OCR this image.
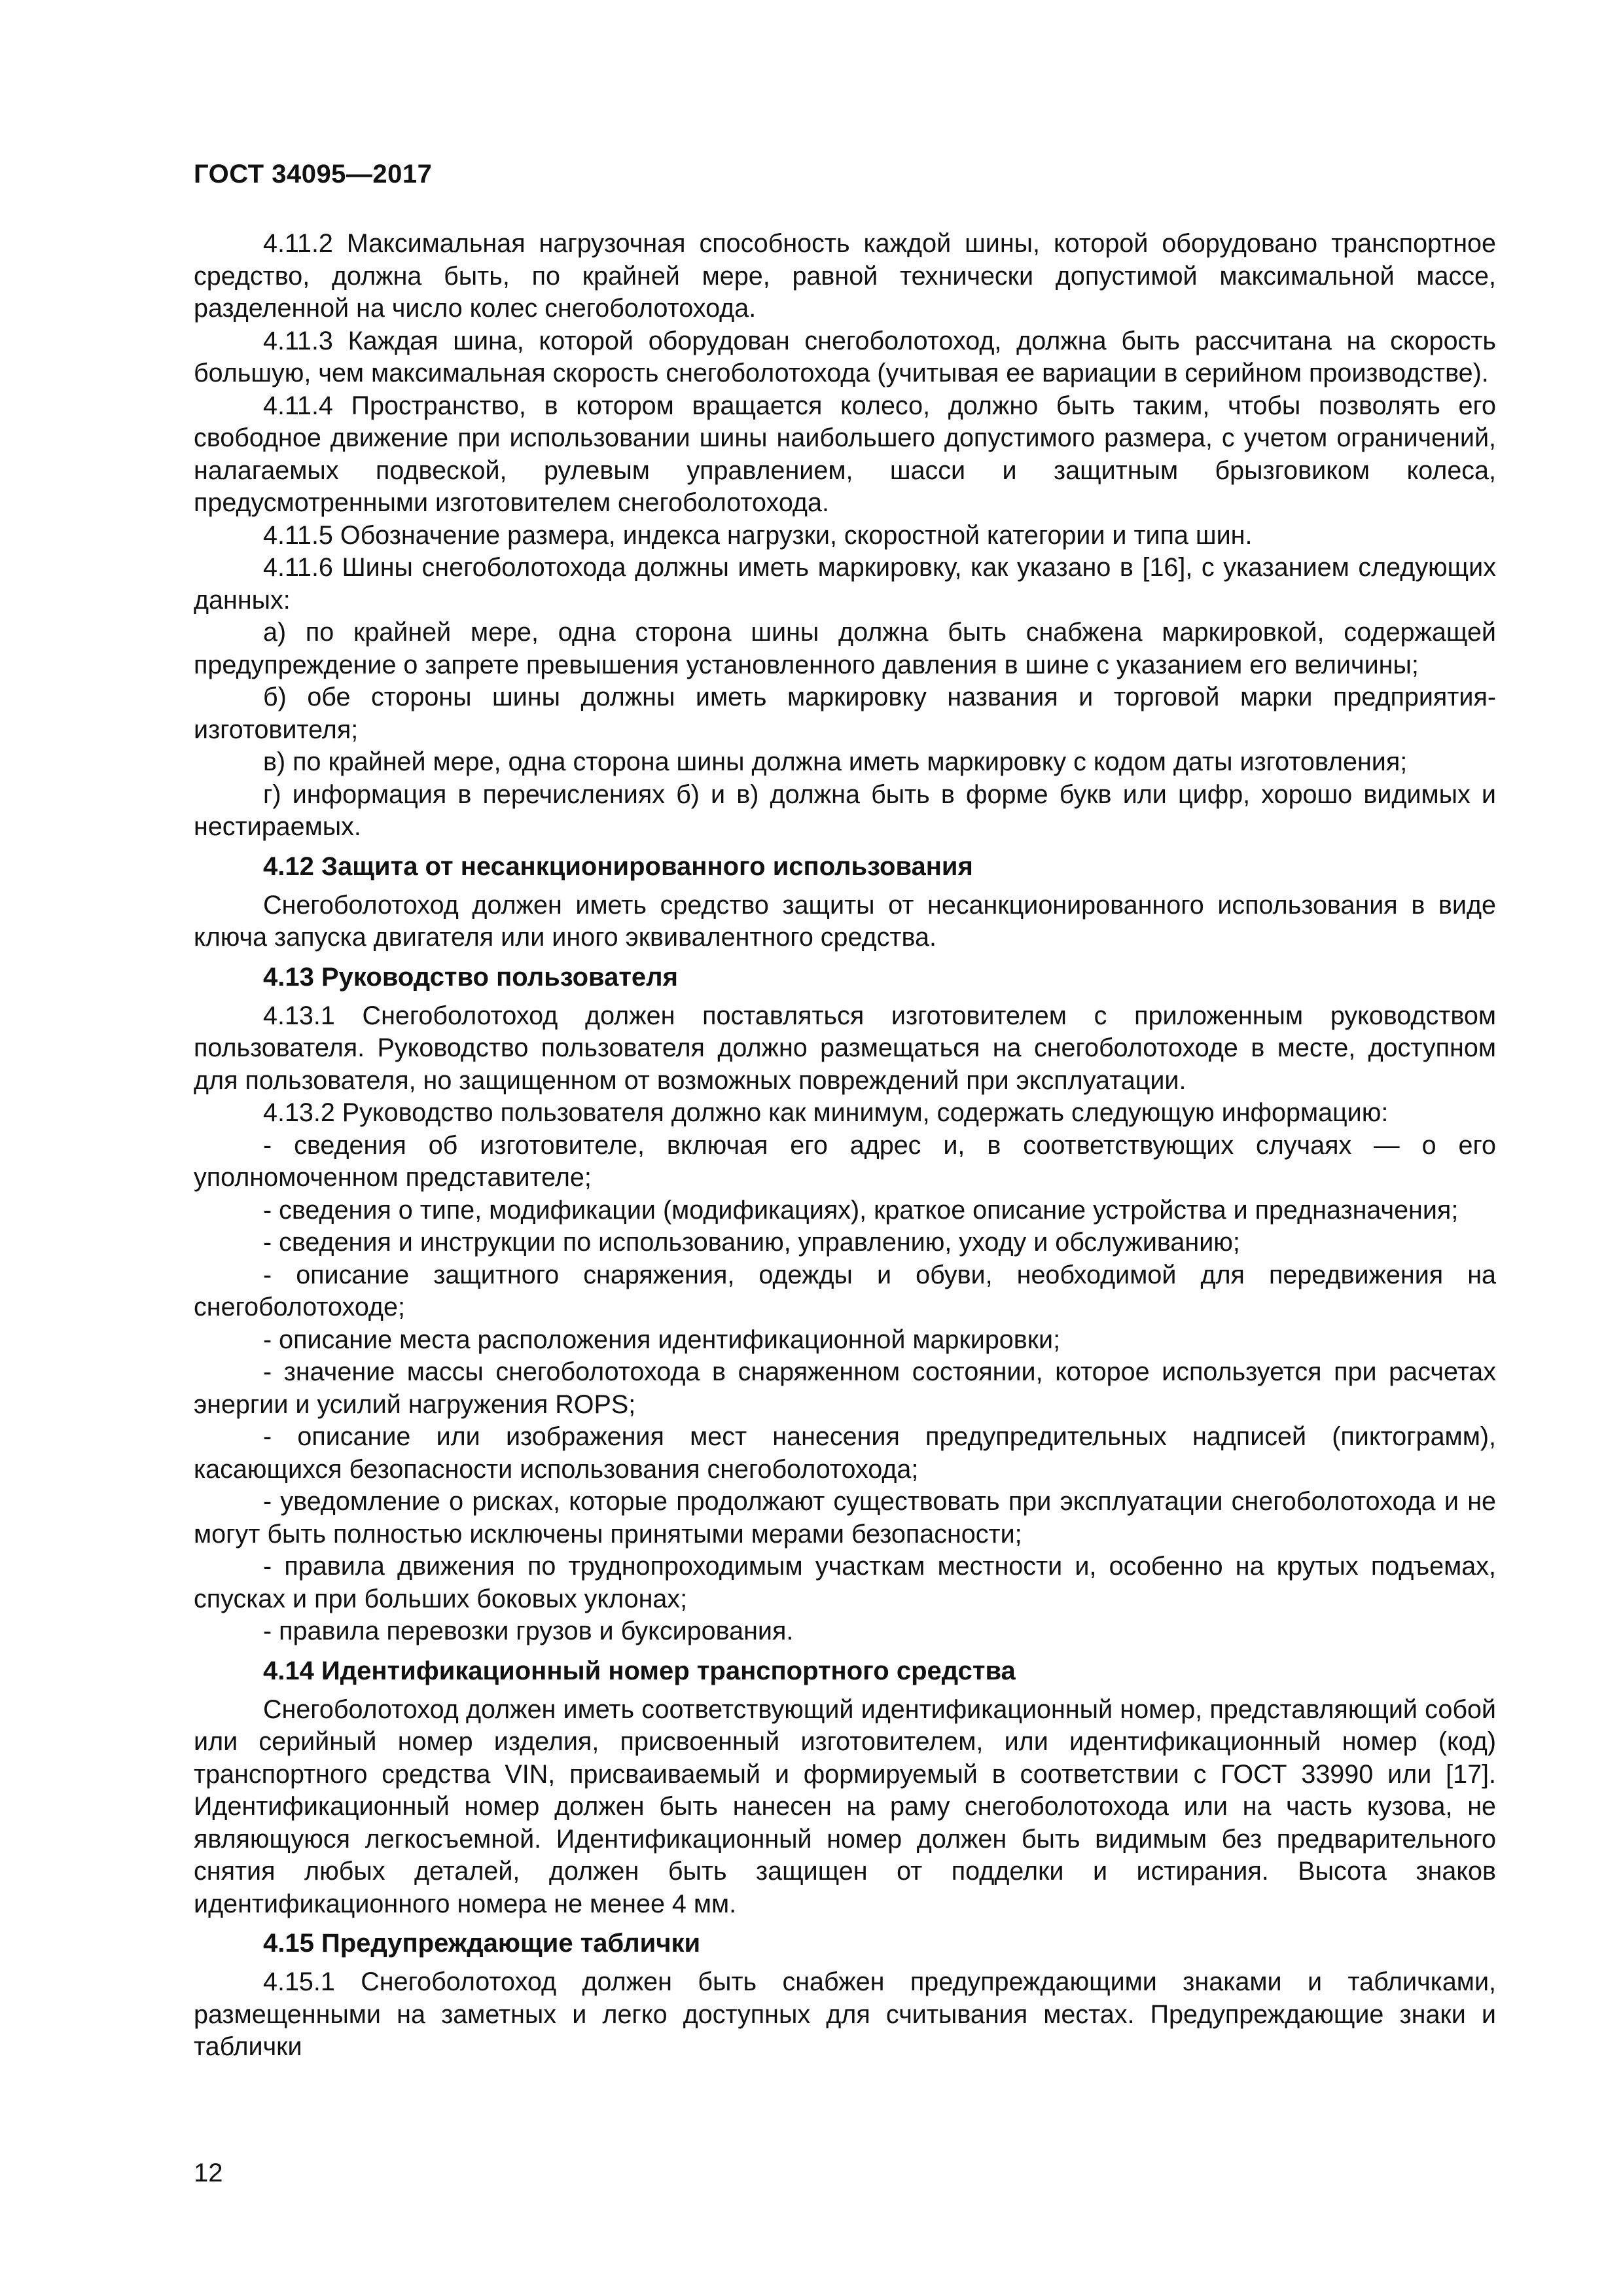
ГОСТ 34095—2017

4.11.2 Максимальная нагрузочная способность каждой шины, которой оборудовано транспортное средство, должна быть, по крайней мере, равной технически допустимой максимальной массе, разделенной на число колес снегоболотохода.

4.11.3 Каждая шина, которой оборудован снегоболотоход, должна быть рассчитана на скорость большую, чем максимальная скорость снегоболотохода (учитывая ее вариации в серийном производстве).

4.11.4 Пространство, в котором вращается колесо, должно быть таким, чтобы позволять его свободное движение при использовании шины наибольшего допустимого размера, с учетом ограничений, налагаемых подвеской, рулевым управлением, шасси и защитным брызговиком колеса, предусмотренными изготовителем снегоболотохода.

4.11.5 Обозначение размера, индекса нагрузки, скоростной категории и типа шин.

4.11.6 Шины снегоболотохода должны иметь маркировку, как указано в [16], с указанием следующих данных:

а) по крайней мере, одна сторона шины должна быть снабжена маркировкой, содержащей предупреждение о запрете превышения установленного давления в шине с указанием его величины;

б) обе стороны шины должны иметь маркировку названия и торговой марки предприятия-изготовителя;

в) по крайней мере, одна сторона шины должна иметь маркировку с кодом даты изготовления;

г) информация в перечислениях б) и в) должна быть в форме букв или цифр, хорошо видимых и нестираемых.

4.12 Защита от несанкционированного использования

Снегоболотоход должен иметь средство защиты от несанкционированного использования в виде ключа запуска двигателя или иного эквивалентного средства.

4.13 Руководство пользователя

4.13.1 Снегоболотоход должен поставляться изготовителем с приложенным руководством пользователя. Руководство пользователя должно размещаться на снегоболотоходе в месте, доступном для пользователя, но защищенном от возможных повреждений при эксплуатации.

4.13.2 Руководство пользователя должно как минимум, содержать следующую информацию:

- сведения об изготовителе, включая его адрес и, в соответствующих случаях — о его уполномоченном представителе;

- сведения о типе, модификации (модификациях), краткое описание устройства и предназначения;

- сведения и инструкции по использованию, управлению, уходу и обслуживанию;

- описание защитного снаряжения, одежды и обуви, необходимой для передвижения на снегоболотоходе;

- описание места расположения идентификационной маркировки;

- значение массы снегоболотохода в снаряженном состоянии, которое используется при расчетах энергии и усилий нагружения ROPS;

- описание или изображения мест нанесения предупредительных надписей (пиктограмм), касающихся безопасности использования снегоболотохода;

- уведомление о рисках, которые продолжают существовать при эксплуатации снегоболотохода и не могут быть полностью исключены принятыми мерами безопасности;

- правила движения по труднопроходимым участкам местности и, особенно на крутых подъемах, спусках и при больших боковых уклонах;

- правила перевозки грузов и буксирования.

4.14 Идентификационный номер транспортного средства

Снегоболотоход должен иметь соответствующий идентификационный номер, представляющий собой или серийный номер изделия, присвоенный изготовителем, или идентификационный номер (код) транспортного средства VIN, присваиваемый и формируемый в соответствии с ГОСТ 33990 или [17]. Идентификационный номер должен быть нанесен на раму снегоболотохода или на часть кузова, не являющуюся легкосъемной. Идентификационный номер должен быть видимым без предварительного снятия любых деталей, должен быть защищен от подделки и истирания. Высота знаков идентификационного номера не менее 4 мм.

4.15 Предупреждающие таблички

4.15.1 Снегоболотоход должен быть снабжен предупреждающими знаками и табличками, размещенными на заметных и легко доступных для считывания местах. Предупреждающие знаки и таблички

12
